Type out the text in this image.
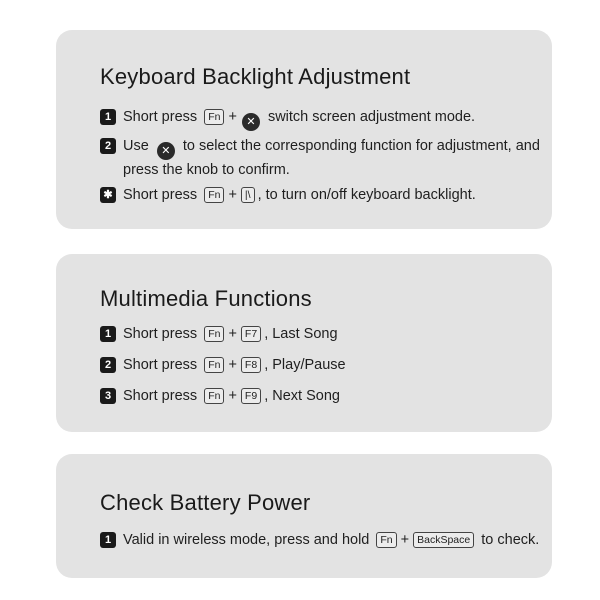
Keyboard Backlight Adjustment
1 Short press Fn + ✕ switch screen adjustment mode.
2 Use ✕ to select the corresponding function for adjustment, and press the knob to confirm.
✱ Short press Fn + |\ , to turn on/off keyboard backlight.
Multimedia Functions
1 Short press Fn + F7 , Last Song
2 Short press Fn + F8 , Play/Pause
3 Short press Fn + F9 , Next Song
Check Battery Power
1 Valid in wireless mode, press and hold Fn + BackSpace to check.
